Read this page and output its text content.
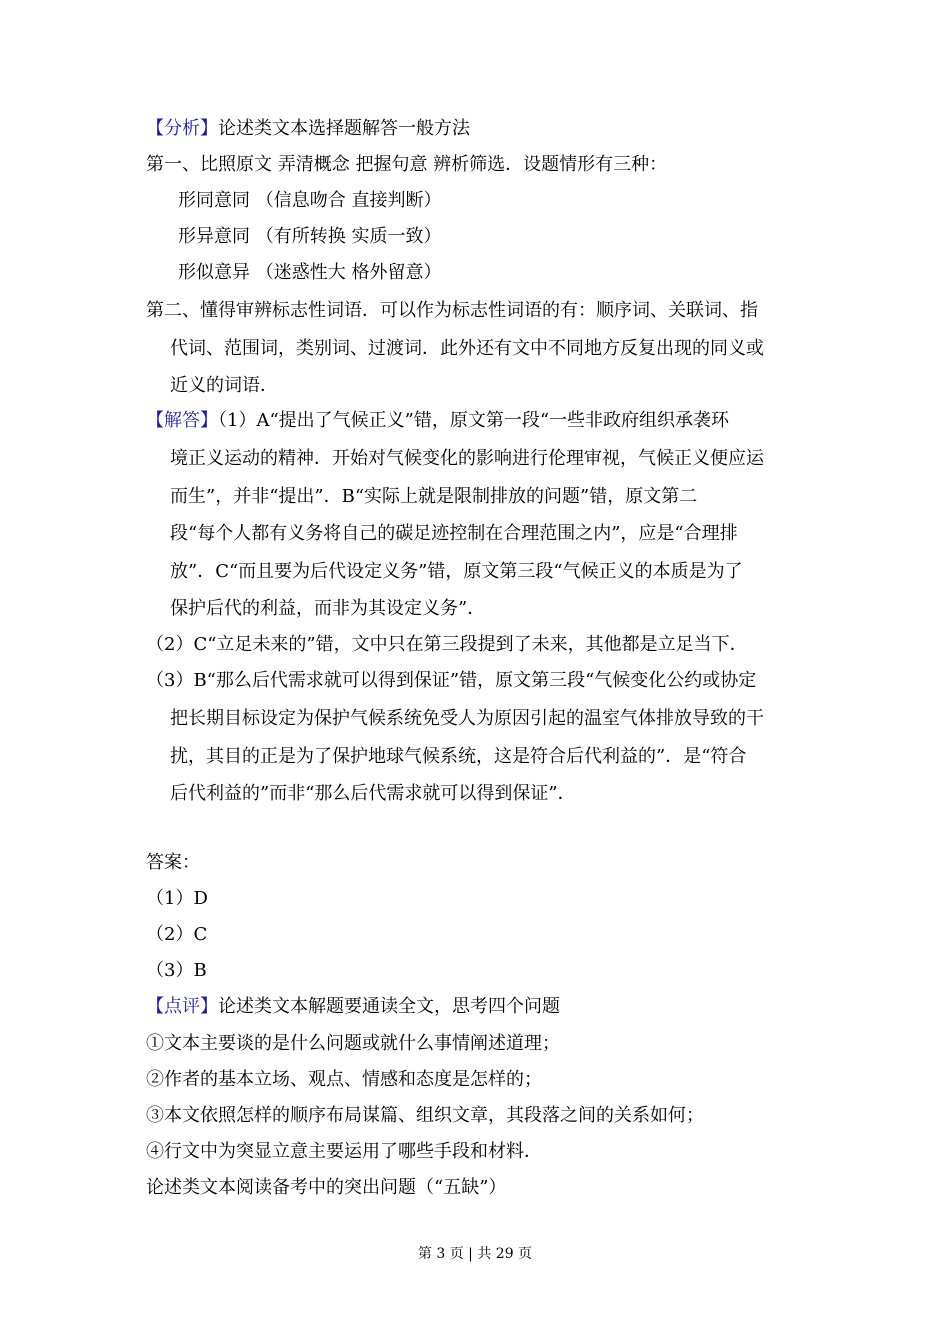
【分析】论述类文本选择题解答一般方法
第一、比照原文 弄清概念 把握句意 辨析筛选．设题情形有三种：
形同意同 （信息吻合 直接判断）
形异意同 （有所转换 实质一致）
形似意异 （迷惑性大 格外留意）
第二、懂得审辨标志性词语．可以作为标志性词语的有：顺序词、关联词、指
代词、范围词，类别词、过渡词．此外还有文中不同地方反复出现的同义或
近义的词语．
【解答】（1）A“提出了气候正义”错，原文第一段“一些非政府组织承袭环
境正义运动的精神．开始对气候变化的影响进行伦理审视，气候正义便应运
而生”，并非“提出”．B“实际上就是限制排放的问题”错，原文第二
段“每个人都有义务将自己的碳足迹控制在合理范围之内”，应是“合理排
放”．C“而且要为后代设定义务”错，原文第三段“气候正义的本质是为了
保护后代的利益，而非为其设定义务”．
（2）C“立足未来的”错，文中只在第三段提到了未来，其他都是立足当下．
（3）B“那么后代需求就可以得到保证”错，原文第三段“气候变化公约或协定
把长期目标设定为保护气候系统免受人为原因引起的温室气体排放导致的干
扰，其目的正是为了保护地球气候系统，这是符合后代利益的”．是“符合
后代利益的”而非“那么后代需求就可以得到保证”．
答案：
（1）D
（2）C
（3）B
【点评】论述类文本解题要通读全文，思考四个问题
①文本主要谈的是什么问题或就什么事情阐述道理；
②作者的基本立场、观点、情感和态度是怎样的；
③本文依照怎样的顺序布局谋篇、组织文章，其段落之间的关系如何；
④行文中为突显立意主要运用了哪些手段和材料．
论述类文本阅读备考中的突出问题（“五缺”）
第 3 页 | 共 29 页
